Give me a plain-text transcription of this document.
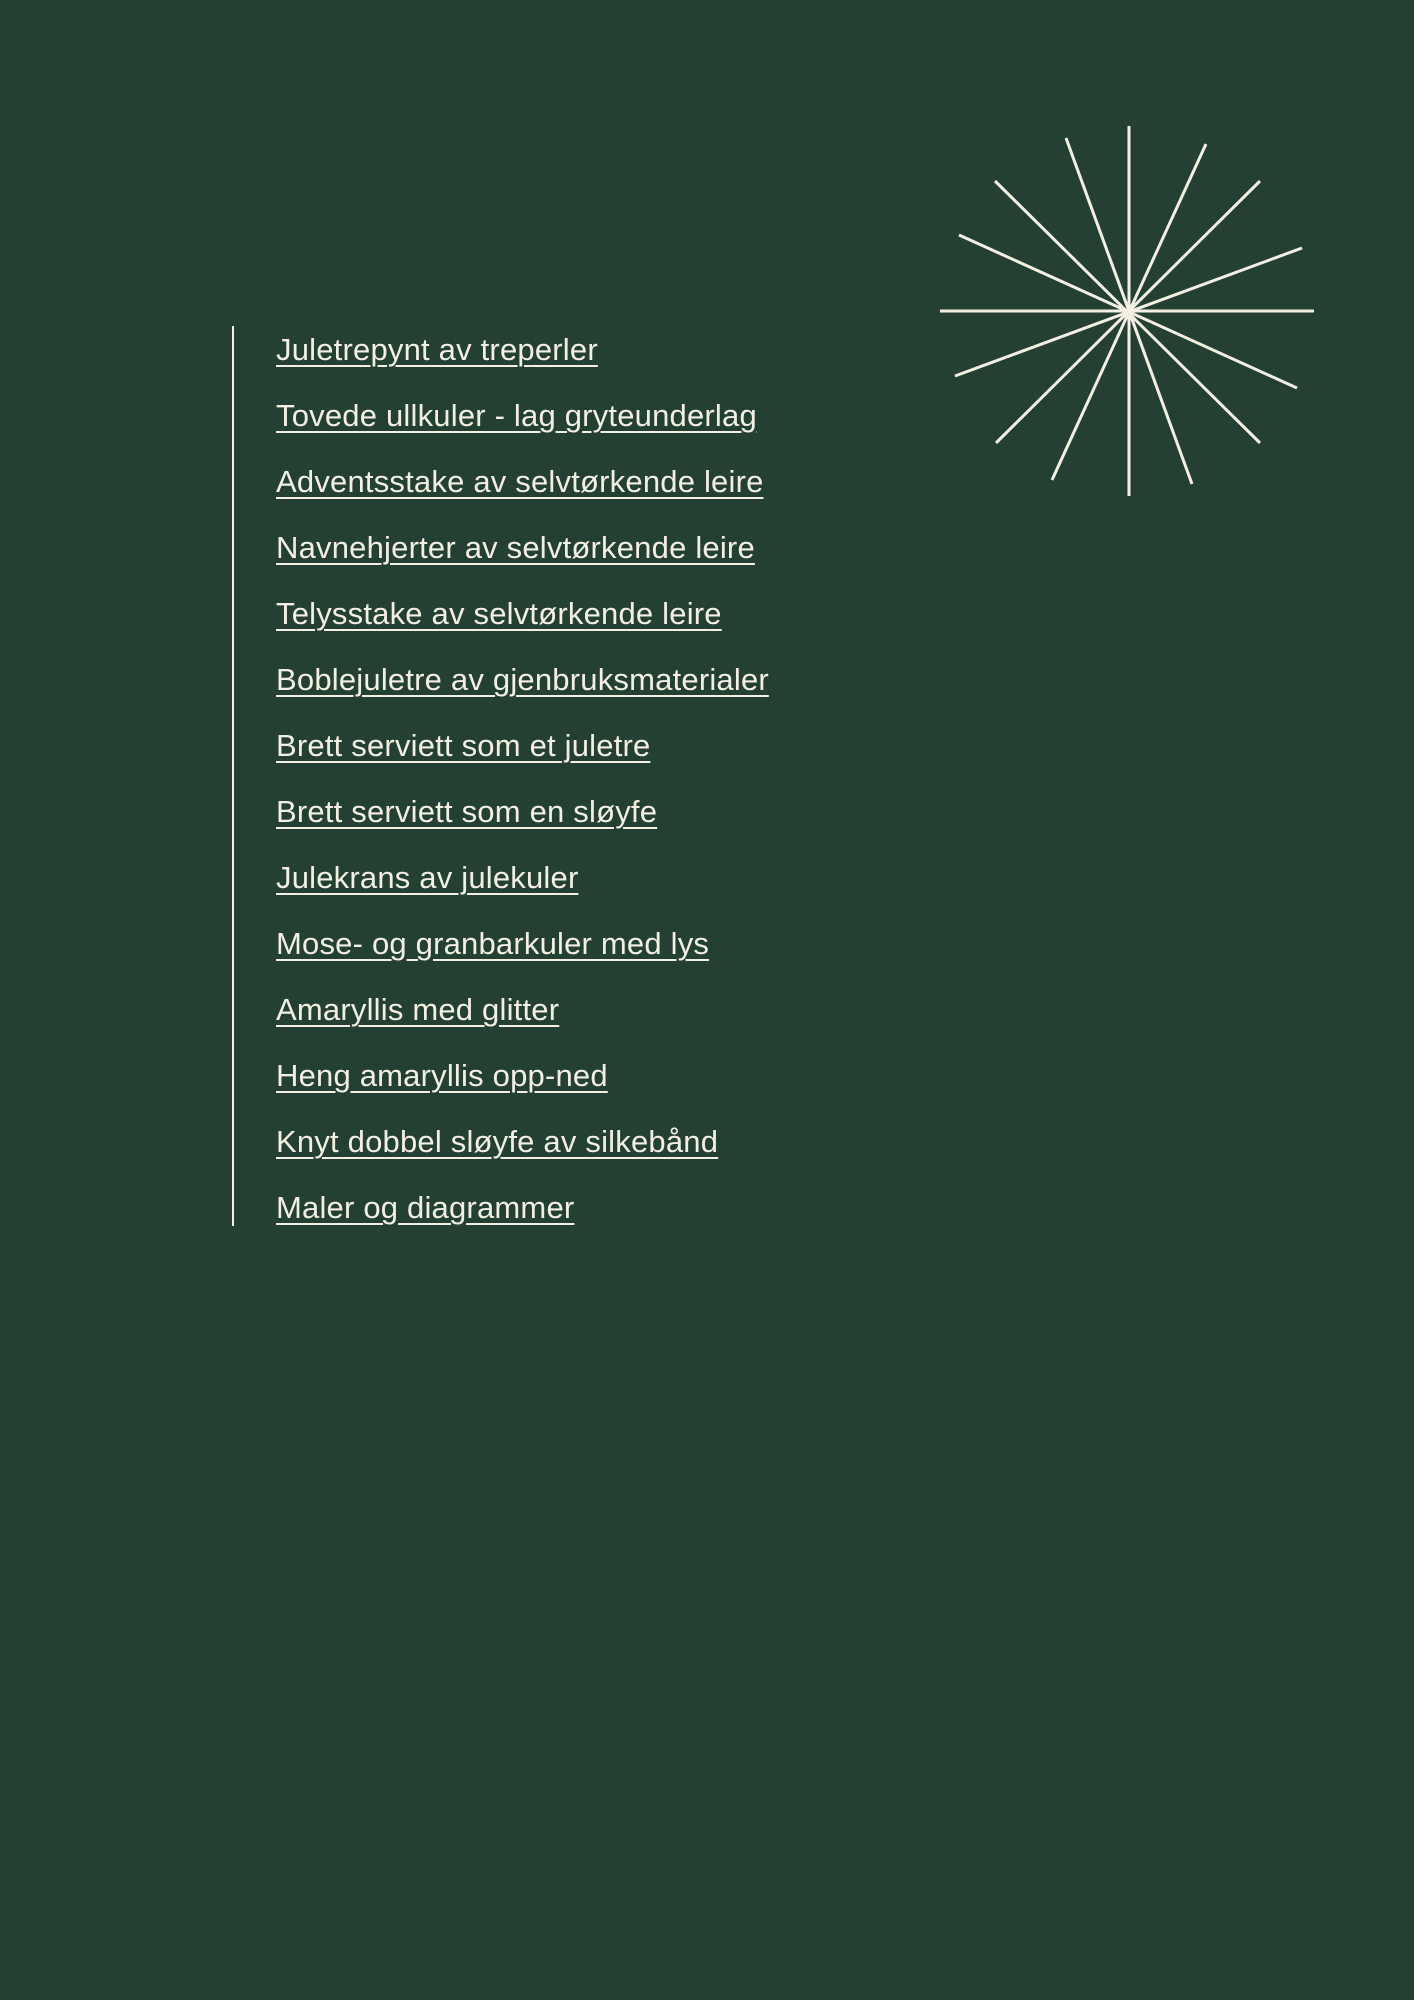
Juletrepynt av treperler
Tovede ullkuler - lag gryteunderlag
Adventsstake av selvtørkende leire
Navnehjerter av selvtørkende leire
Telysstake av selvtørkende leire
Boblejuletre av gjenbruksmaterialer
Brett serviett som et juletre
Brett serviett som en sløyfe
Julekrans av julekuler
Mose- og granbarkuler med lys
Amaryllis med glitter
Heng amaryllis opp-ned
Knyt dobbel sløyfe av silkebånd
Maler og diagrammer
